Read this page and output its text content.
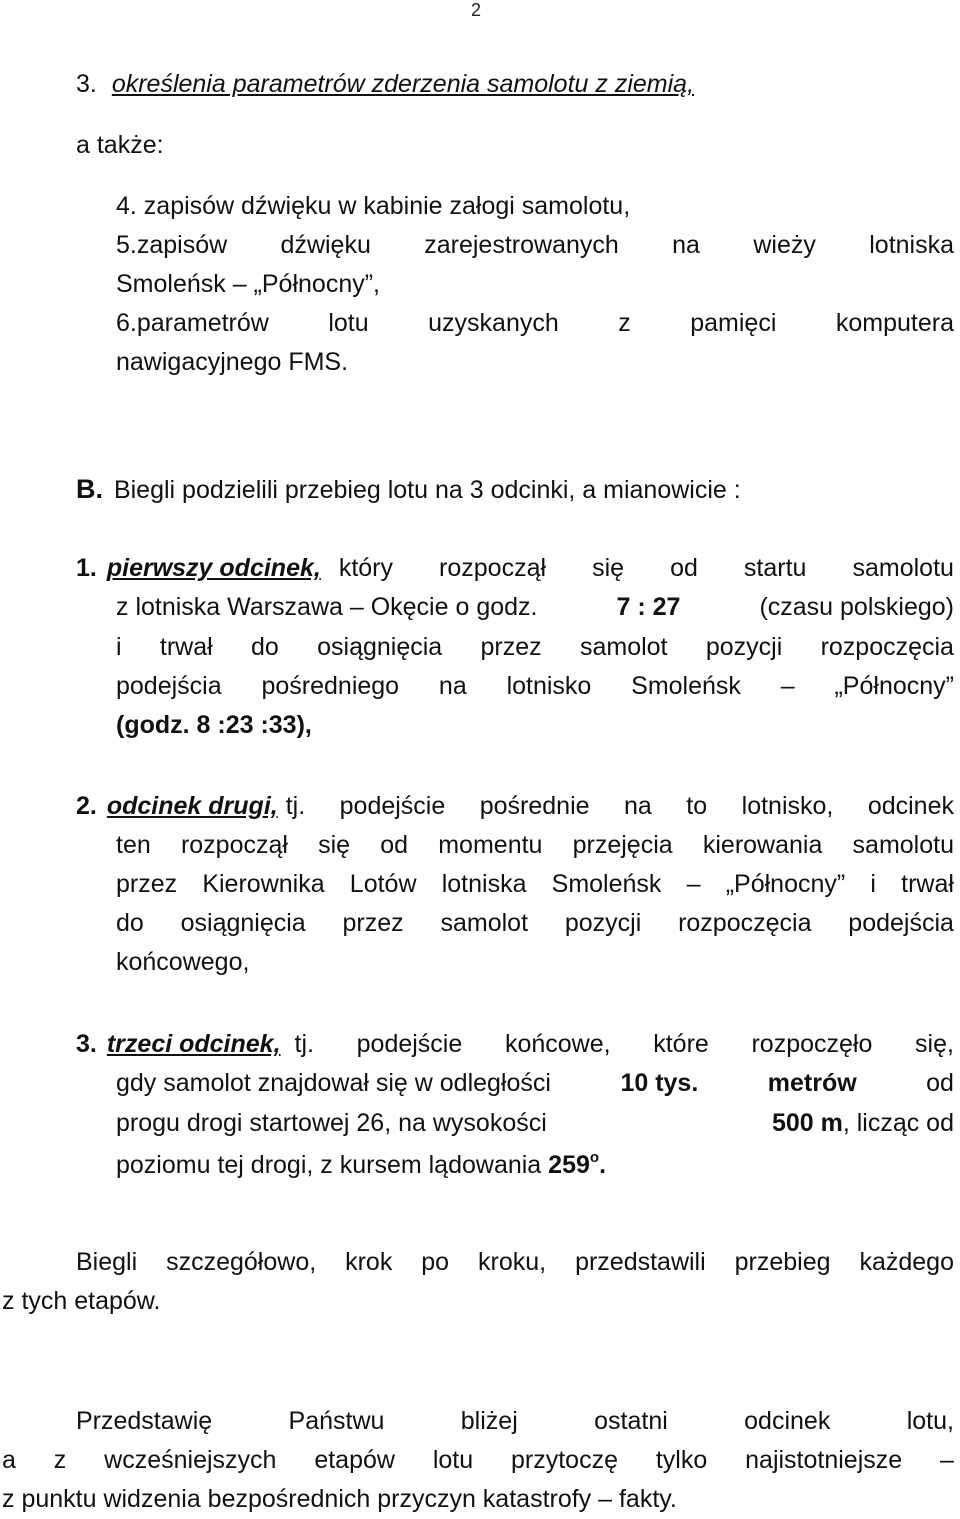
2
3. określenia parametrów zderzenia samolotu z ziemią,
a także:
4. zapisów dźwięku w kabinie załogi samolotu,
5.zapisów dźwięku zarejestrowanych na wieży lotniska
Smoleńsk – „Północny”,
6.parametrów lotu uzyskanych z pamięci komputera
nawigacyjnego FMS.
B. Biegli podzielili przebieg lotu na 3 odcinki, a mianowicie :
1. pierwszy odcinek, który rozpoczął się od startu samolotu
z lotniska Warszawa – Okęcie o godz.	7 : 27	(czasu polskiego)
i trwał do osiągnięcia przez samolot pozycji rozpoczęcia
podejścia pośredniego na lotnisko Smoleńsk – „Północny”
(godz. 8 :23 :33),
2. odcinek drugi, tj. podejście pośrednie na to lotnisko, odcinek
ten rozpoczął się od momentu przejęcia kierowania samolotu
przez Kierownika Lotów lotniska Smoleńsk – „Północny” i trwał
do osiągnięcia przez samolot pozycji rozpoczęcia podejścia
końcowego,
3. trzeci odcinek, tj. podejście końcowe, które rozpoczęło się,
gdy samolot znajdował się w odległości	10 tys.	metrów	od
progu drogi startowej 26, na wysokości	500 m, licząc od
poziomu tej drogi, z kursem lądowania 259$^o$.
Biegli szczegółowo, krok po kroku, przedstawili przebieg każdego
z tych etapów.
Przedstawię	Państwu	bliżej	ostatni	odcinek	lotu,
a z wcześniejszych etapów lotu przytoczę tylko najistotniejsze –
z punktu widzenia bezpośrednich przyczyn katastrofy – fakty.
